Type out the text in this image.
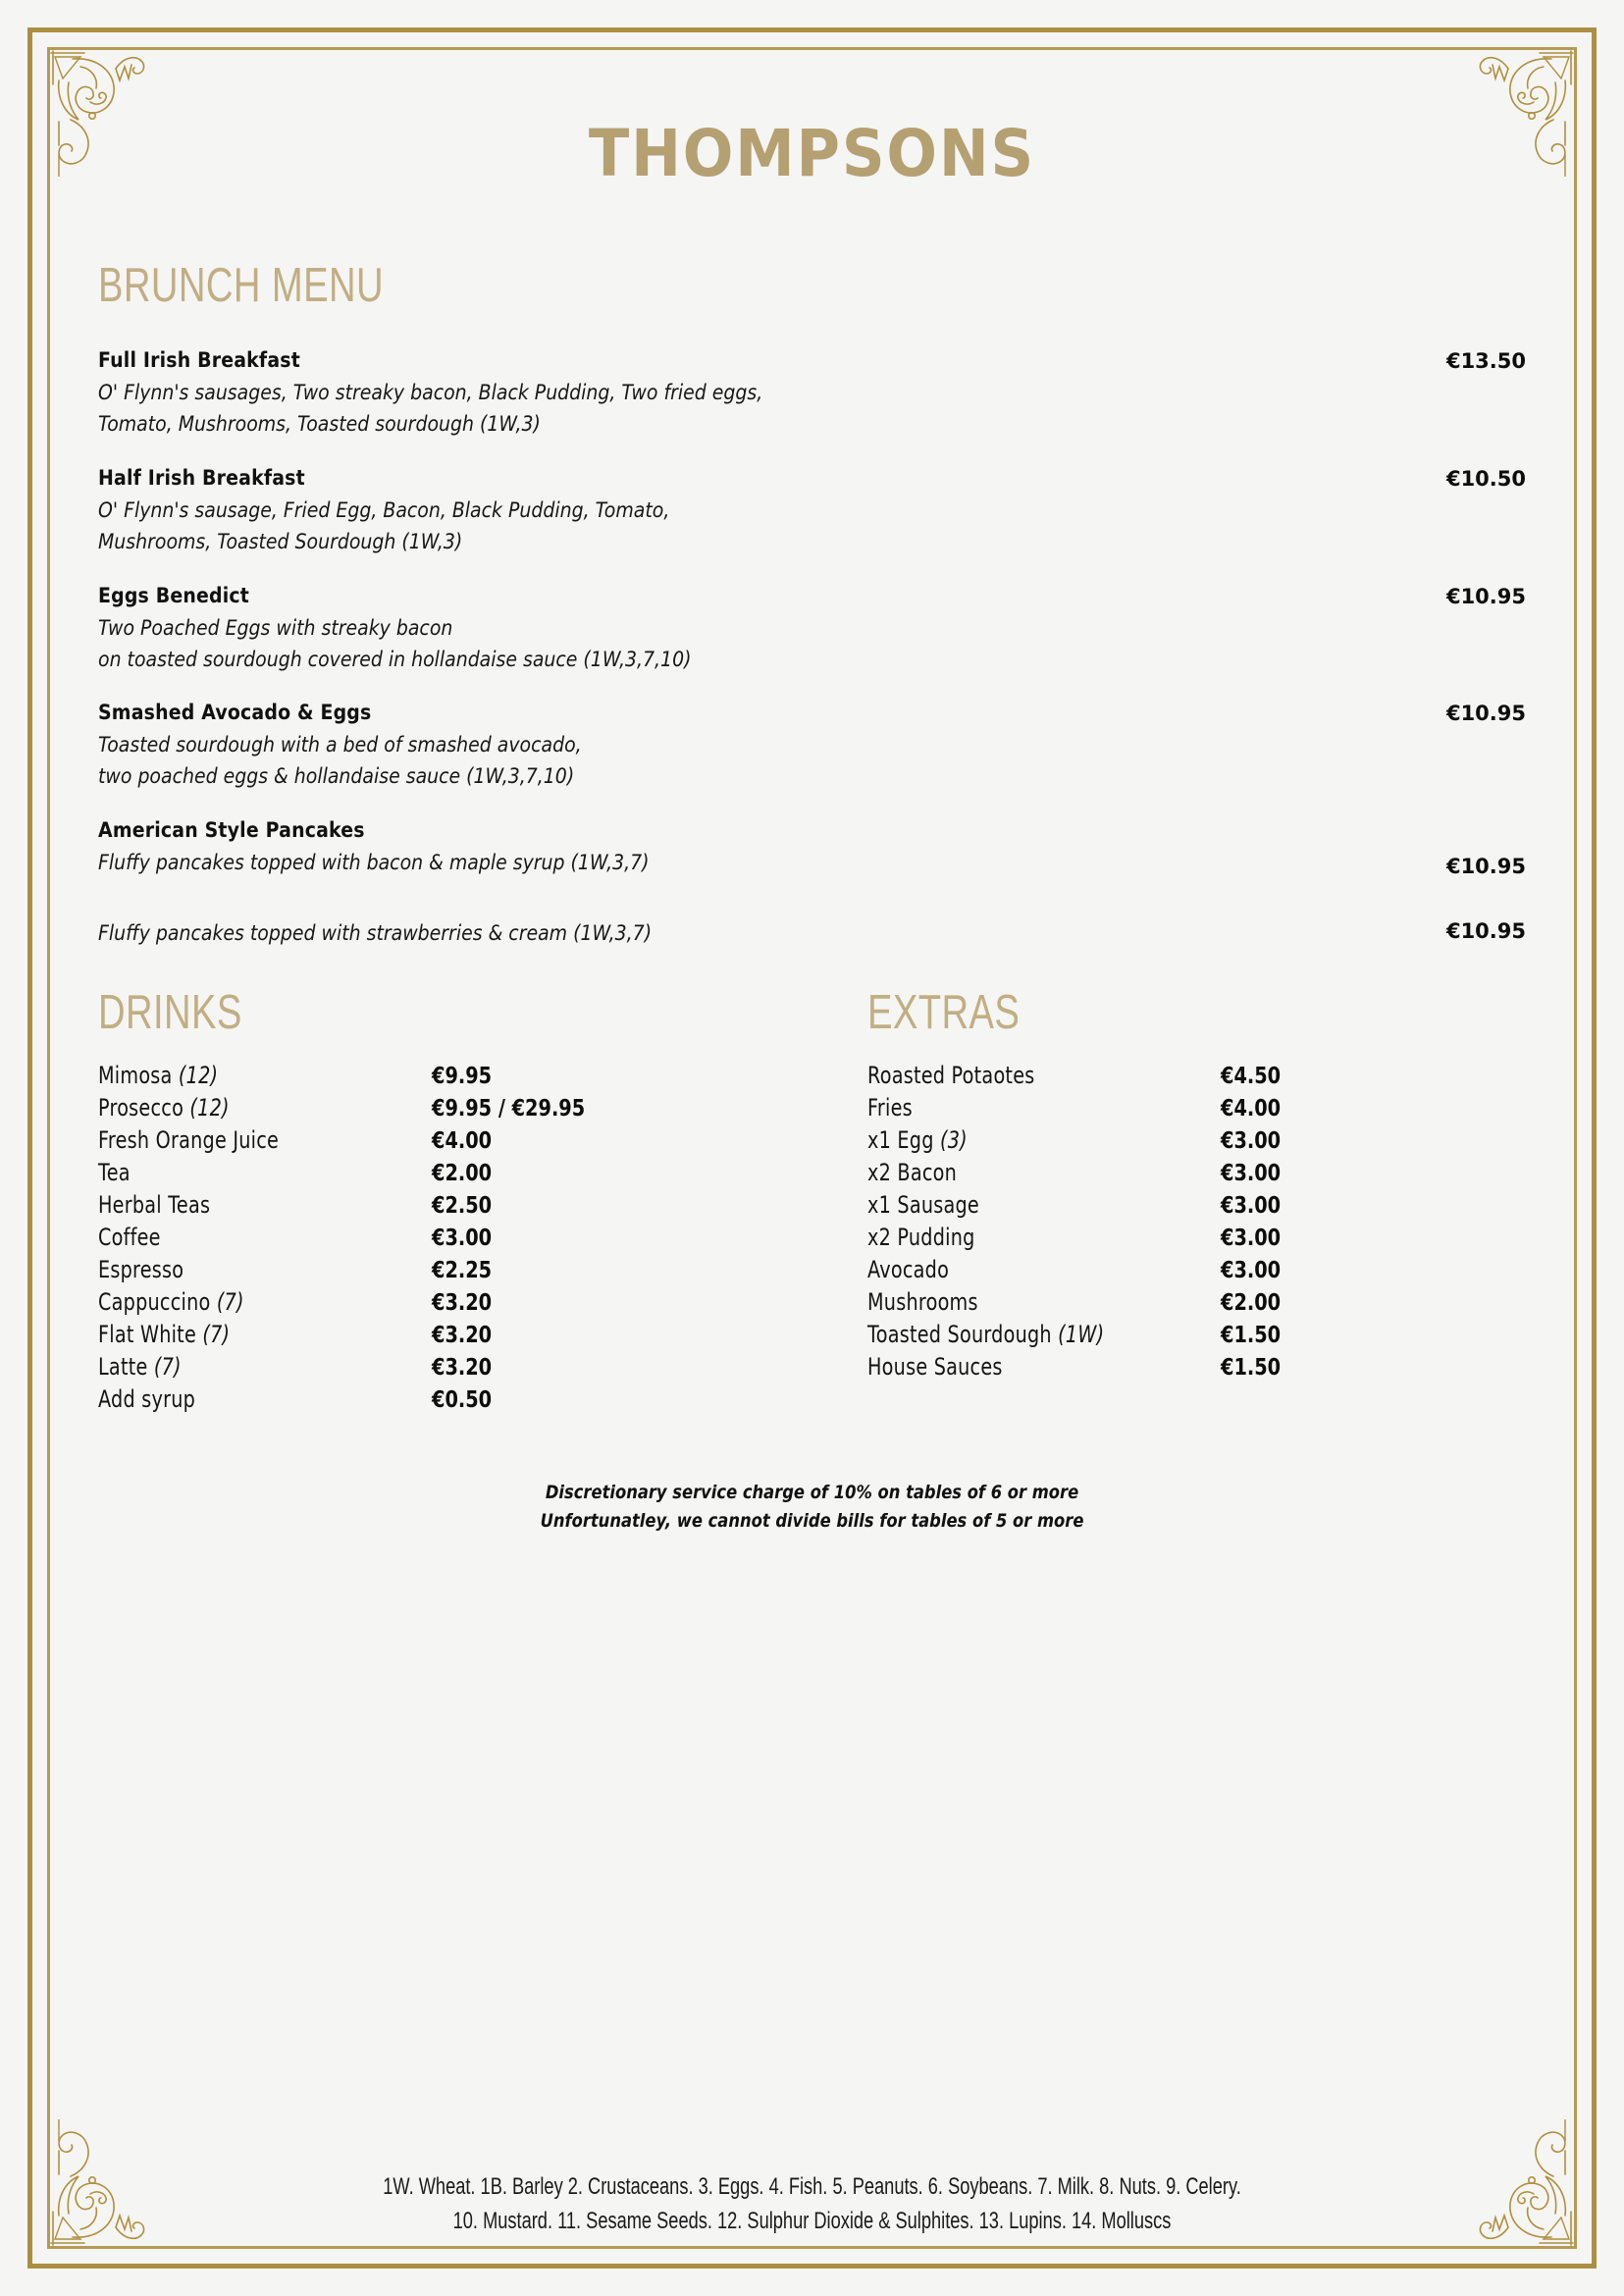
THOMPSONS
BRUNCH MENU
Full Irish Breakfast
O' Flynn's sausages, Two streaky bacon, Black Pudding, Two fried eggs,
Tomato, Mushrooms, Toasted sourdough (1W,3)
€13.50
Half Irish Breakfast
O' Flynn's sausage, Fried Egg, Bacon, Black Pudding, Tomato,
Mushrooms, Toasted Sourdough (1W,3)
€10.50
Eggs Benedict
Two Poached Eggs with streaky bacon
on toasted sourdough covered in hollandaise sauce (1W,3,7,10)
€10.95
Smashed Avocado & Eggs
Toasted sourdough with a bed of smashed avocado,
two poached eggs & hollandaise sauce (1W,3,7,10)
€10.95
American Style Pancakes
Fluffy pancakes topped with bacon & maple syrup (1W,3,7)	€10.95
Fluffy pancakes topped with strawberries & cream (1W,3,7)	€10.95
DRINKS
Mimosa (12)	€9.95
Prosecco (12)	€9.95 / €29.95
Fresh Orange Juice	€4.00
Tea	€2.00
Herbal Teas	€2.50
Coffee	€3.00
Espresso	€2.25
Cappuccino (7)	€3.20
Flat White (7)	€3.20
Latte (7)	€3.20
Add syrup	€0.50
EXTRAS
Roasted Potaotes	€4.50
Fries	€4.00
x1 Egg (3)	€3.00
x2 Bacon	€3.00
x1 Sausage	€3.00
x2 Pudding	€3.00
Avocado	€3.00
Mushrooms	€2.00
Toasted Sourdough (1W)	€1.50
House Sauces	€1.50
Discretionary service charge of 10% on tables of 6 or more
Unfortunatley, we cannot divide bills for tables of 5 or more
1W. Wheat. 1B. Barley 2. Crustaceans. 3. Eggs. 4. Fish. 5. Peanuts. 6. Soybeans. 7. Milk. 8. Nuts. 9. Celery.
10. Mustard. 11. Sesame Seeds. 12. Sulphur Dioxide & Sulphites. 13. Lupins. 14. Molluscs
